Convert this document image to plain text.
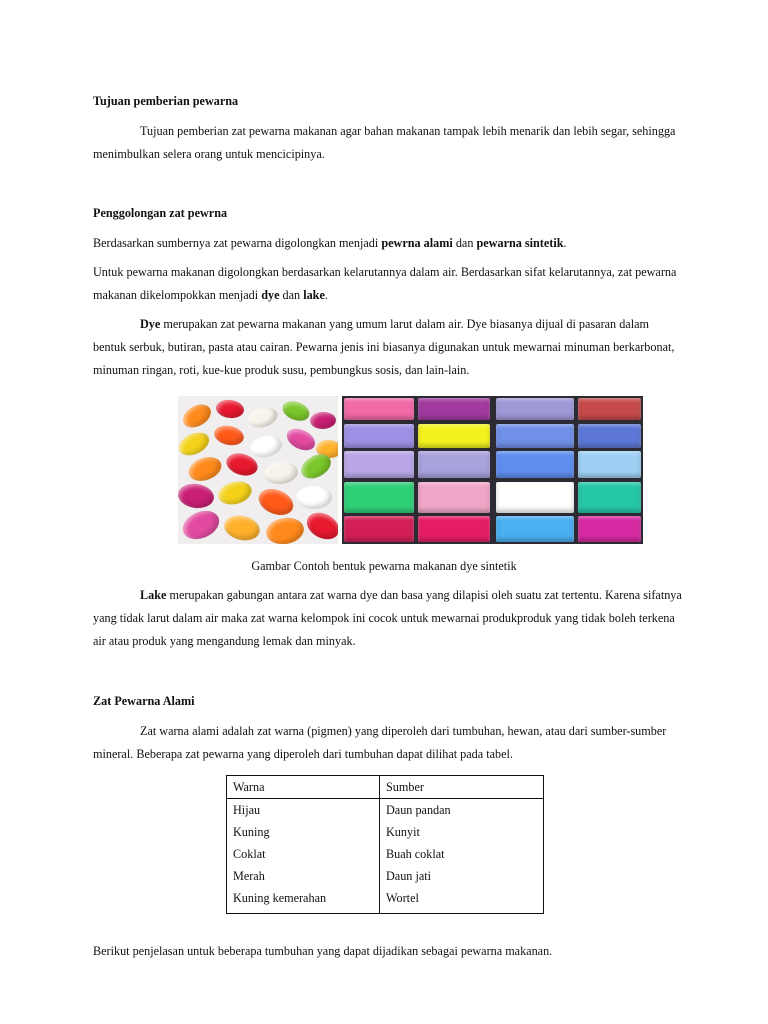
Tujuan pemberian pewarna
Tujuan pemberian zat pewarna makanan agar bahan makanan tampak lebih menarik dan lebih segar, sehingga menimbulkan selera orang untuk mencicipinya.
Penggolongan zat pewrna
Berdasarkan sumbernya zat pewarna digolongkan menjadi pewrna alami dan pewarna sintetik.
Untuk pewarna makanan digolongkan berdasarkan kelarutannya dalam air. Berdasarkan sifat kelarutannya, zat pewarna makanan dikelompokkan menjadi dye dan lake.
Dye merupakan zat pewarna makanan yang umum larut dalam air. Dye biasanya dijual di pasaran dalam bentuk serbuk, butiran, pasta atau cairan. Pewarna jenis ini biasanya digunakan untuk mewarnai minuman berkarbonat, minuman ringan, roti, kue-kue produk susu, pembungkus sosis, dan lain-lain.
Gambar Contoh bentuk pewarna makanan dye sintetik
Lake merupakan gabungan antara zat warna dye dan basa yang dilapisi oleh suatu zat tertentu. Karena sifatnya yang tidak larut dalam air maka zat warna kelompok ini cocok untuk mewarnai produkproduk yang tidak boleh terkena air atau produk yang mengandung lemak dan minyak.
Zat Pewarna Alami
Zat warna alami adalah zat warna (pigmen) yang diperoleh dari tumbuhan, hewan, atau dari sumber-sumber mineral. Beberapa zat pewarna yang diperoleh dari tumbuhan dapat dilihat pada tabel.
Warna	Sumber
Hijau	Daun pandan
Kuning	Kunyit
Coklat	Buah coklat
Merah	Daun jati
Kuning kemerahan	Wortel
Berikut penjelasan untuk beberapa tumbuhan yang dapat dijadikan sebagai pewarna makanan.
